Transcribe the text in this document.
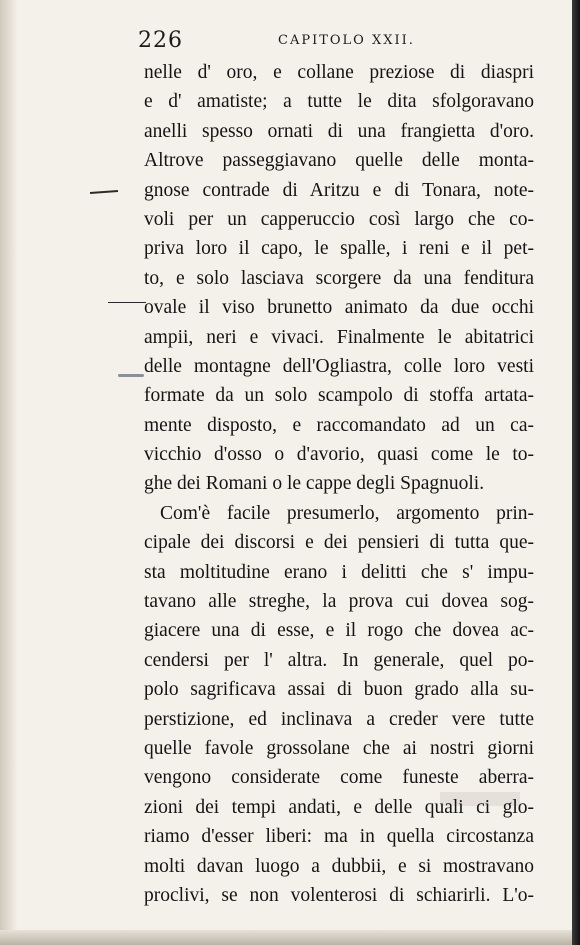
226	CAPITOLO XXII.
nelle d' oro, e collane preziose di diaspri
e d' amatiste; a tutte le dita sfolgoravano
anelli spesso ornati di una frangietta d'oro.
Altrove passeggiavano quelle delle monta-
gnose contrade di Aritzu e di Tonara, note-
voli per un capperuccio così largo che co-
priva loro il capo, le spalle, i reni e il pet-
to, e solo lasciava scorgere da una fenditura
ovale il viso brunetto animato da due occhi
ampii, neri e vivaci. Finalmente le abitatrici
delle montagne dell'Ogliastra, colle loro vesti
formate da un solo scampolo di stoffa artata-
mente disposto, e raccomandato ad un ca-
vicchio d'osso o d'avorio, quasi come le to-
ghe dei Romani o le cappe degli Spagnuoli.
Com'è facile presumerlo, argomento prin-
cipale dei discorsi e dei pensieri di tutta que-
sta moltitudine erano i delitti che s' impu-
tavano alle streghe, la prova cui dovea sog-
giacere una di esse, e il rogo che dovea ac-
cendersi per l' altra. In generale, quel po-
polo sagrificava assai di buon grado alla su-
perstizione, ed inclinava a creder vere tutte
quelle favole grossolane che ai nostri giorni
vengono considerate come funeste aberra-
zioni dei tempi andati, e delle quali ci glo-
riamo d'esser liberi: ma in quella circostanza
molti davan luogo a dubbii, e si mostravano
proclivi, se non volenterosi di schiarirli. L'o-
